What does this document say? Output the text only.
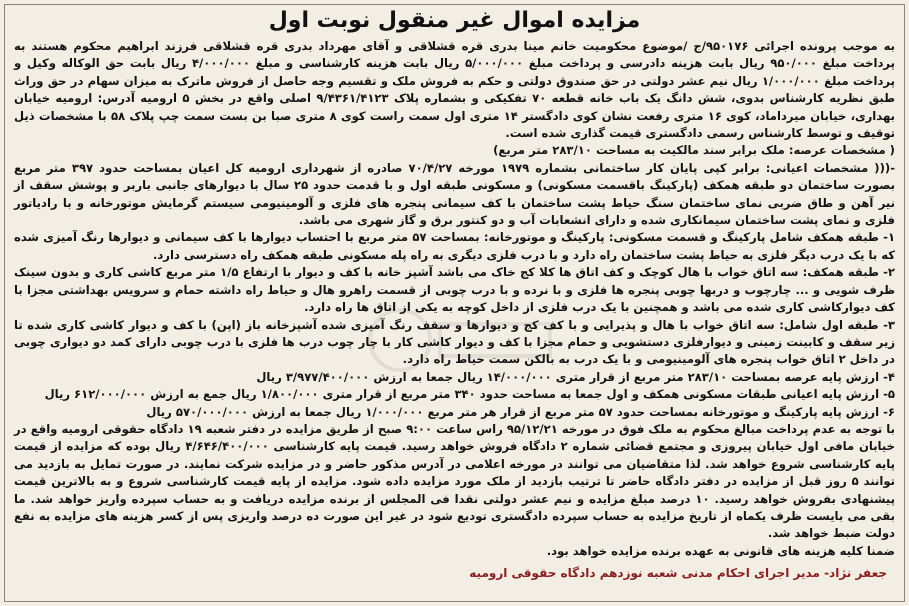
مزایده اموال غیر منقول نوبت اول

به موجب پرونده اجرائی ۹۵۰۱۷۶/ج /موضوع محکومیت خانم مینا بدری قره قشلاقی و آقای مهرداد بدری قره قشلاقی فرزند ابراهیم محکوم هستند به پرداخت مبلغ ۹۵۰/۰۰۰ ریال بابت هزینه دادرسی و پرداخت مبلغ ۵/۰۰۰/۰۰۰ ریال بابت هزینه کارشناسی و مبلغ ۴/۰۰۰/۰۰۰ ریال بابت حق الوکاله وکیل و پرداخت مبلغ ۱/۰۰۰/۰۰۰ ریال نیم عشر دولتی در حق صندوق دولتی و حکم به فروش ملک و تقسیم وجه حاصل از فروش ماترک به میزان سهام در حق وراث طبق نظریه کارشناس بدوی، شش دانگ یک باب خانه قطعه ۷۰ تفکیکی و بشماره پلاک ۹/۴۳۶۱/۴۱۲۳ اصلی واقع در بخش ۵ ارومیه آدرس: ارومیه خیابان بهداری، خیابان میرداماد، کوی ۱۶ متری رفعت نشان کوی دادگستر ۱۴ متری اول سمت راست کوی ۸ متری صبا بن بست سمت چپ پلاک ۵۸ با مشخصات ذیل توقیف و توسط کارشناس رسمی دادگستری قیمت گذاری شده است.

( مشخصات عرصه: ملک برابر سند مالکیت به مساحت ۲۸۳/۱۰ متر مربع)

-((( مشخصات اعیانی: برابر کپی پایان کار ساختمانی بشماره ۱۹۷۹ مورخه ۷۰/۴/۲۷ صادره از شهرداری ارومیه کل اعیان بمساحت حدود ۳۹۷ متر مربع بصورت ساختمان دو طبقه همکف (پارکینگ باقسمت مسکونی) و مسکونی طبقه اول و با قدمت حدود ۲۵ سال با دیوارهای جانبی باربر و پوشش سقف از نیر آهن و طاق ضربی نمای ساختمان سنگ حیاط پشت ساختمان با کف سیمانی پنجره های فلزی و آلومینیومی سیستم گرمایش موتورخانه و با رادیاتور فلزی و نمای پشت ساختمان سیمانکاری شده و دارای انشعابات آب و دو کنتور برق و گاز شهری می باشد.

۱- طبقه همکف شامل پارکینگ و قسمت مسکونی: پارکینگ و موتورخانه: بمساحت ۵۷ متر مربع با احتساب دیوارها با کف سیمانی و دیوارها رنگ آمیزی شده که با یک درب دیگر فلزی به حیاط پشت ساختمان راه دارد و با درب فلزی دیگری به راه پله مسکونی طبقه همکف راه دسترسی دارد.

۲- طبقه همکف: سه اتاق خواب با هال کوچک و کف اتاق ها کلا کج خاک می باشد آشپز خانه با کف و دیوار با ارتفاع ۱/۵ متر مربع کاشی کاری و بدون سینک ظرف شویی و ... چارچوب و دربها چوبی پنجره ها فلزی و با نرده و با درب چوبی از قسمت راهرو هال و حیاط راه داشته حمام و سرویس بهداشتی مجزا با کف دیوارکاشی کاری شده می باشد و همچنین با یک درب فلزی از داخل کوچه به یکی از اتاق ها راه دارد.

۳- طبقه اول شامل: سه اتاق خواب با هال و پذیرایی و با کف کج و دیوارها و سقف رنگ آمیزی شده آشپزخانه باز (اپن) با کف و دیوار کاشی کاری شده تا زیر سقف و کابینت زمینی و دیوارفلزی دستشویی و حمام مجزا با کف و دیوار کاشی کار با چار چوب درب ها فلزی با درب چوبی دارای کمد دو دیواری چوبی در داخل ۲ اتاق خواب پنجره های آلومینیومی و با یک درب به بالکن سمت حیاط راه دارد.

۴- ارزش پایه عرصه بمساحت ۲۸۳/۱۰ متر مربع از قرار متری ۱۴/۰۰۰/۰۰۰ ریال جمعا به ارزش ۳/۹۷۷/۴۰۰/۰۰۰ ریال

۵- ارزش پایه اعیانی طبقات مسکونی همکف و اول جمعا به مساحت حدود ۳۴۰ متر مربع از قرار متری ۱/۸۰۰/۰۰۰ ریال جمع به ارزش ۶۱۲/۰۰۰/۰۰۰ ریال

۶- ارزش پایه پارکینگ و موتورخانه بمساحت حدود ۵۷ متر مربع از قرار هر متر مربع ۱/۰۰۰/۰۰۰ ریال جمعا به ارزش ۵۷۰/۰۰۰/۰۰۰ ریال

با توجه به عدم پرداخت مبالغ محکوم به ملک فوق در مورخه ۹۵/۱۲/۲۱ راس ساعت ۹:۰۰ صبح از طریق مزایده در دفتر شعبه ۱۹ دادگاه حقوقی ارومیه واقع در خیابان مافی اول خیابان پیروزی و مجتمع قضائی شماره ۲ دادگاه فروش خواهد رسید. قیمت پایه کارشناسی ۴/۶۴۶/۴۰۰/۰۰۰ ریال بوده که مزایده از قیمت پایه کارشناسی شروع خواهد شد. لذا متقاضیان می توانند در مورخه اعلامی در آدرس مذکور حاضر و در مزایده شرکت نمایند. در صورت تمایل به بازدید می توانند ۵ روز قبل از مزایده در دفتر دادگاه حاضر تا ترتیب بازدید از ملک مورد مزایده داده شود. مزایده از پایه قیمت کارشناسی شروع و به بالاترین قیمت پیشنهادی بفروش خواهد رسید. ۱۰ درصد مبلغ مزایده و نیم عشر دولتی نقدا فی المجلس از برنده مزایده دریافت و به حساب سپرده واریز خواهد شد. ما بقی می بایست ظرف یکماه از تاریخ مزایده به حساب سپرده دادگستری تودیع شود در غیر این صورت ده درصد واریزی پس از کسر هزینه های مزایده به نفع دولت ضبط خواهد شد.

ضمنا کلیه هزینه های قانونی به عهده برنده مزایده خواهد بود.

جعفر نژاد- مدیر اجرای احکام مدنی شعبه نوزدهم دادگاه حقوقی ارومیه
